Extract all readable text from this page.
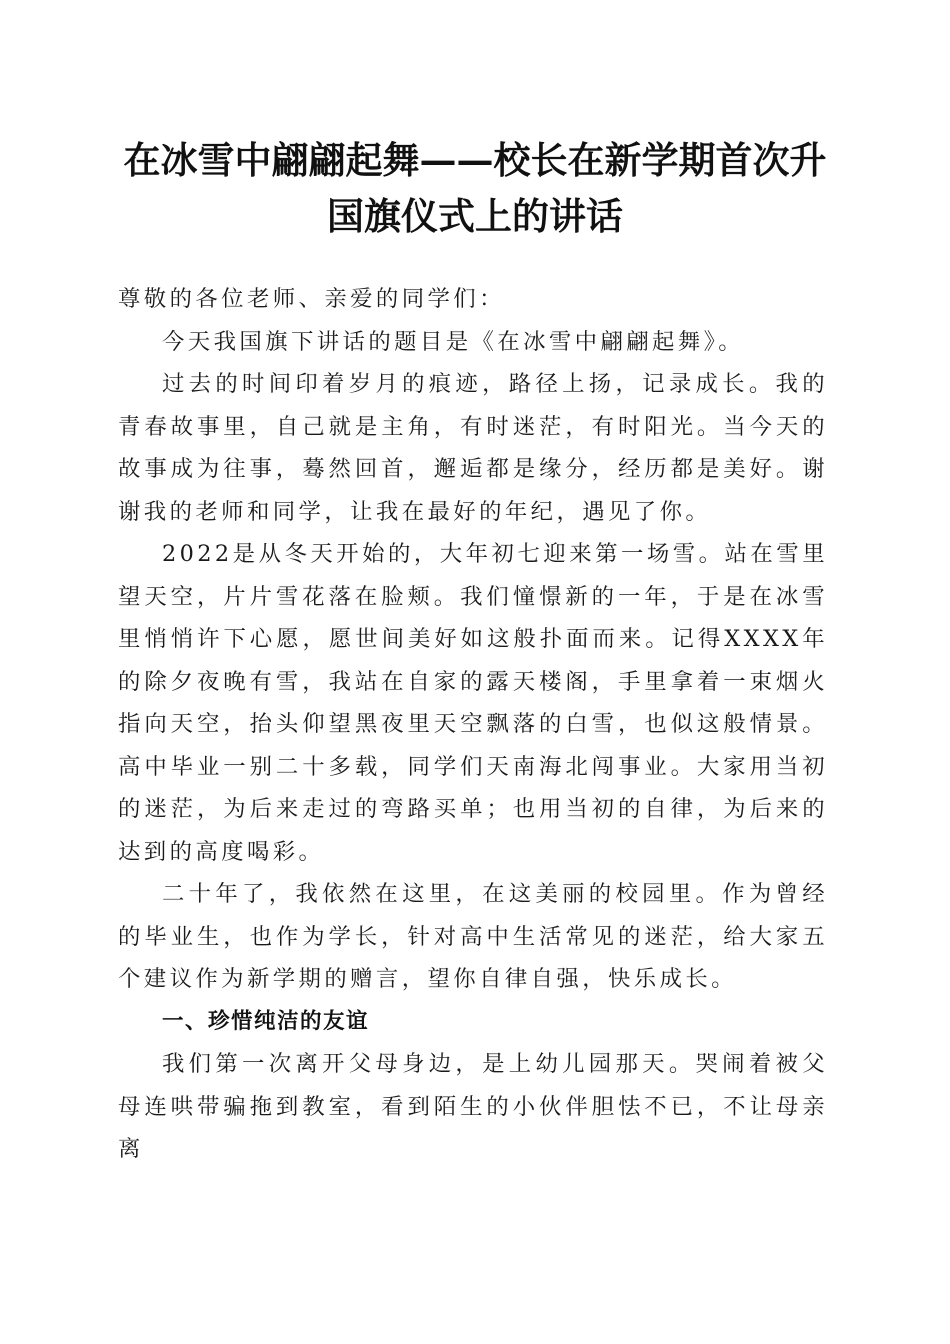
在冰雪中翩翩起舞——校长在新学期首次升国旗仪式上的讲话

尊敬的各位老师、亲爱的同学们：

今天我国旗下讲话的题目是《在冰雪中翩翩起舞》。

过去的时间印着岁月的痕迹，路径上扬，记录成长。我的青春故事里，自己就是主角，有时迷茫，有时阳光。当今天的故事成为往事，蓦然回首，邂逅都是缘分，经历都是美好。谢谢我的老师和同学，让我在最好的年纪，遇见了你。

2022是从冬天开始的，大年初七迎来第一场雪。站在雪里望天空，片片雪花落在脸颊。我们憧憬新的一年，于是在冰雪里悄悄许下心愿，愿世间美好如这般扑面而来。记得XXXX年的除夕夜晚有雪，我站在自家的露天楼阁，手里拿着一束烟火指向天空，抬头仰望黑夜里天空飘落的白雪，也似这般情景。高中毕业一别二十多载，同学们天南海北闯事业。大家用当初的迷茫，为后来走过的弯路买单；也用当初的自律，为后来的达到的高度喝彩。

二十年了，我依然在这里，在这美丽的校园里。作为曾经的毕业生，也作为学长，针对高中生活常见的迷茫，给大家五个建议作为新学期的赠言，望你自律自强，快乐成长。

一、珍惜纯洁的友谊

我们第一次离开父母身边，是上幼儿园那天。哭闹着被父母连哄带骗拖到教室，看到陌生的小伙伴胆怯不已，不让母亲离
